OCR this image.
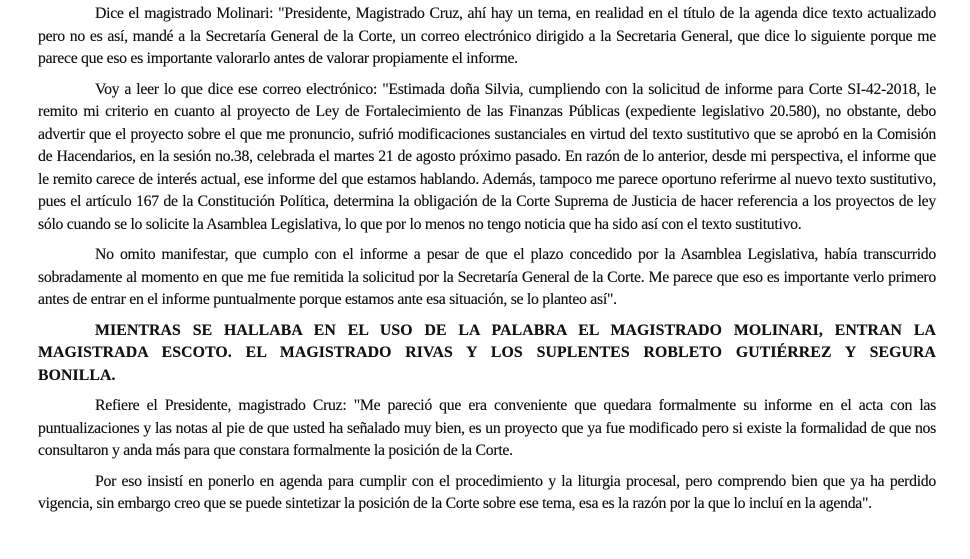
Dice el magistrado Molinari: "Presidente, Magistrado Cruz, ahí hay un tema, en realidad en el título de la agenda dice texto actualizado pero no es así, mandé a la Secretaría General de la Corte, un correo electrónico dirigido a la Secretaria General, que dice lo siguiente porque me parece que eso es importante valorarlo antes de valorar propiamente el informe.

Voy a leer lo que dice ese correo electrónico: "Estimada doña Silvia, cumpliendo con la solicitud de informe para Corte SI-42-2018, le remito mi criterio en cuanto al proyecto de Ley de Fortalecimiento de las Finanzas Públicas (expediente legislativo 20.580), no obstante, debo advertir que el proyecto sobre el que me pronuncio, sufrió modificaciones sustanciales en virtud del texto sustitutivo que se aprobó en la Comisión de Hacendarios, en la sesión no.38, celebrada el martes 21 de agosto próximo pasado. En razón de lo anterior, desde mi perspectiva, el informe que le remito carece de interés actual, ese informe del que estamos hablando. Además, tampoco me parece oportuno referirme al nuevo texto sustitutivo, pues el artículo 167 de la Constitución Política, determina la obligación de la Corte Suprema de Justicia de hacer referencia a los proyectos de ley sólo cuando se lo solicite la Asamblea Legislativa, lo que por lo menos no tengo noticia que ha sido así con el texto sustitutivo.

No omito manifestar, que cumplo con el informe a pesar de que el plazo concedido por la Asamblea Legislativa, había transcurrido sobradamente al momento en que me fue remitida la solicitud por la Secretaría General de la Corte. Me parece que eso es importante verlo primero antes de entrar en el informe puntualmente porque estamos ante esa situación, se lo planteo así".

MIENTRAS SE HALLABA EN EL USO DE LA PALABRA EL MAGISTRADO MOLINARI, ENTRAN LA MAGISTRADA ESCOTO. EL MAGISTRADO RIVAS Y LOS SUPLENTES ROBLETO GUTIÉRREZ Y SEGURA BONILLA.

Refiere el Presidente, magistrado Cruz: "Me pareció que era conveniente que quedara formalmente su informe en el acta con las puntualizaciones y las notas al pie de que usted ha señalado muy bien, es un proyecto que ya fue modificado pero si existe la formalidad de que nos consultaron y anda más para que constara formalmente la posición de la Corte.

Por eso insistí en ponerlo en agenda para cumplir con el procedimiento y la liturgia procesal, pero comprendo bien que ya ha perdido vigencia, sin embargo creo que se puede sintetizar la posición de la Corte sobre ese tema, esa es la razón por la que lo incluí en la agenda".
